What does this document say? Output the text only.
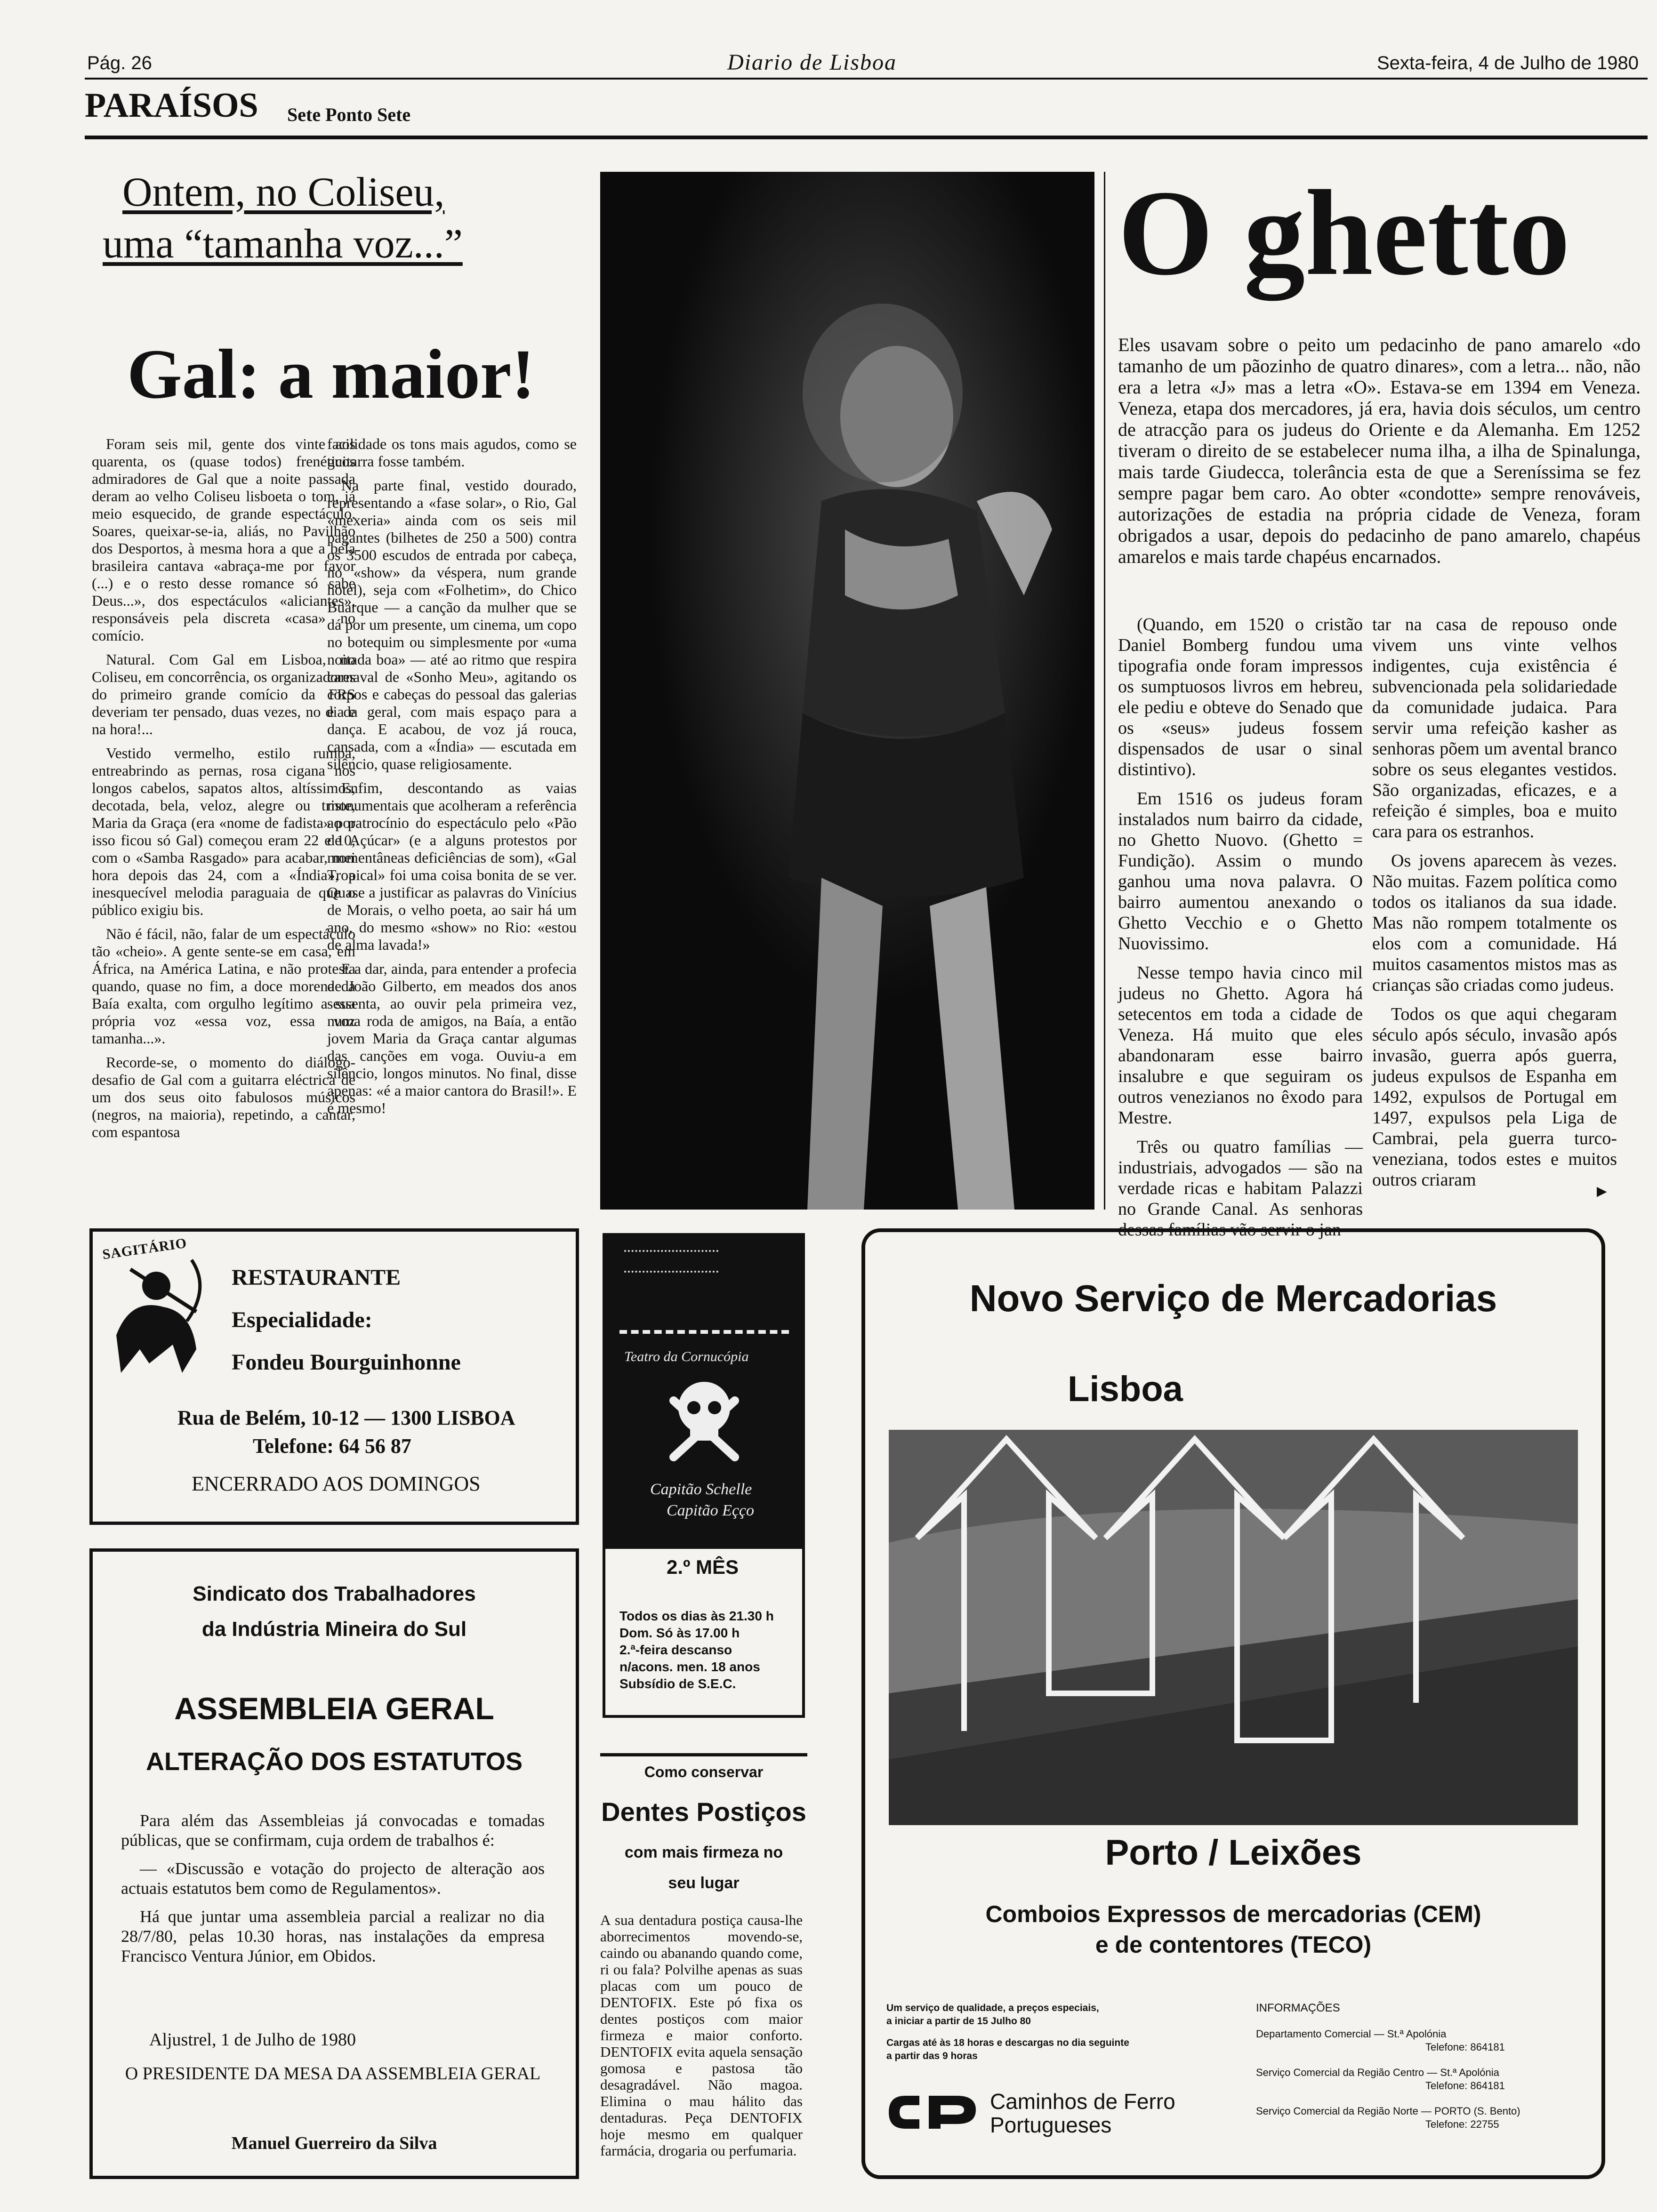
Pág. 26	Diario de Lisboa	Sexta-feira, 4 de Julho de 1980
PARAÍSOS Sete Ponto Sete
Ontem, no Coliseu,
uma “tamanha voz...”
Gal: a maior!

Foram seis mil, gente dos vinte aos quarenta, os (quase todos) frenéticos admiradores de Gal que a noite passada deram ao velho Coliseu lisboeta o tom, já meio esquecido, de grande espectáculo. Soares, queixar-se-ia, aliás, no Pavilhão dos Desportos, à mesma hora a que a bela brasileira cantava «abraça-me por favor (...) e o resto desse romance só sabe Deus...», dos espectáculos «aliciantes», responsáveis pela discreta «casa» no comício.

Natural. Com Gal em Lisboa, no Coliseu, em concorrência, os organizadores do primeiro grande comício da FRS deveriam ter pensado, duas vezes, no dia e na hora!...

Vestido vermelho, estilo rumba, entreabrindo as pernas, rosa cigana nos longos cabelos, sapatos altos, altíssimos, decotada, bela, veloz, alegre ou triste, Maria da Graça (era «nome de fadista» por isso ficou só Gal) começou eram 22 e 10, com o «Samba Rasgado» para acabar, mei hora depois das 24, com a «Índia», a inesquecível melodia paraguaia de que o público exigiu bis.

Não é fácil, não, falar de um espectáculo tão «cheio». A gente sente-se em casa, em África, na América Latina, e não protesta quando, quase no fim, a doce morena da Baía exalta, com orgulho legítimo a sua própria voz «essa voz, essa voz tamanha...».

Recorde-se, o momento do diálogo-desafio de Gal com a guitarra eléctrica de um dos seus oito fabulosos músicos (negros, na maioria), repetindo, a cantar, com espantosa

facilidade os tons mais agudos, como se guitarra fosse também.

Na parte final, vestido dourado, representando a «fase solar», o Rio, Gal «mexeria» ainda com os seis mil pagantes (bilhetes de 250 a 500) contra os 3500 escudos de entrada por cabeça, no «show» da véspera, num grande hotel), seja com «Folhetim», do Chico Buarque — a canção da mulher que se dá por um presente, um cinema, um copo no botequim ou simplesmente por «uma noitada boa» — até ao ritmo que respira carnaval de «Sonho Meu», agitando os corpos e cabeças do pessoal das galerias e da geral, com mais espaço para a dança. E acabou, de voz já rouca, cansada, com a «Índia» — escutada em silêncio, quase religiosamente.

Enfim, descontando as vaias monumentais que acolheram a referência ao patrocínio do espectáculo pelo «Pão de Açúcar» (e a alguns protestos por momentâneas deficiências de som), «Gal Tropical» foi uma coisa bonita de se ver. Quase a justificar as palavras do Vinícius de Morais, o velho poeta, ao sair há um ano, do mesmo «show» no Rio: «estou de alma lavada!»

E a dar, ainda, para entender a profecia de João Gilberto, em meados dos anos sessenta, ao ouvir pela primeira vez, numa roda de amigos, na Baía, a então jovem Maria da Graça cantar algumas das canções em voga. Ouviu-a em silêncio, longos minutos. No final, disse apenas: «é a maior cantora do Brasil!». E é mesmo!

O ghetto
Eles usavam sobre o peito um pedacinho de pano amarelo «do tamanho de um pãozinho de quatro dinares», com a letra... não, não era a letra «J» mas a letra «O». Estava-se em 1394 em Veneza. Veneza, etapa dos mercadores, já era, havia dois séculos, um centro de atracção para os judeus do Oriente e da Alemanha. Em 1252 tiveram o direito de se estabelecer numa ilha, a ilha de Spinalunga, mais tarde Giudecca, tolerância esta de que a Sereníssima se fez sempre pagar bem caro. Ao obter «condotte» sempre renováveis, autorizações de estadia na própria cidade de Veneza, foram obrigados a usar, depois do pedacinho de pano amarelo, chapéus amarelos e mais tarde chapéus encarnados.

(Quando, em 1520 o cristão Daniel Bomberg fundou uma tipografia onde foram impressos os sumptuosos livros em hebreu, ele pediu e obteve do Senado que os «seus» judeus fossem dispensados de usar o sinal distintivo).

Em 1516 os judeus foram instalados num bairro da cidade, no Ghetto Nuovo. (Ghetto = Fundição). Assim o mundo ganhou uma nova palavra. O bairro aumentou anexando o Ghetto Vecchio e o Ghetto Nuovissimo.

Nesse tempo havia cinco mil judeus no Ghetto. Agora há setecentos em toda a cidade de Veneza. Há muito que eles abandonaram esse bairro insalubre e que seguiram os outros venezianos no êxodo para Mestre.

Três ou quatro famílias — industriais, advogados — são na verdade ricas e habitam Palazzi no Grande Canal. As senhoras dessas famílias vão servir o jan-

tar na casa de repouso onde vivem uns vinte velhos indigentes, cuja existência é subvencionada pela solidariedade da comunidade judaica. Para servir uma refeição kasher as senhoras põem um avental branco sobre os seus elegantes vestidos. São organizadas, eficazes, e a refeição é simples, boa e muito cara para os estranhos.

Os jovens aparecem às vezes. Não muitas. Fazem política como todos os italianos da sua idade. Mas não rompem totalmente os elos com a comunidade. Há muitos casamentos mistos mas as crianças são criadas como judeus.

Todos os que aqui chegaram século após século, invasão após invasão, guerra após guerra, judeus expulsos de Espanha em 1492, expulsos de Portugal em 1497, expulsos pela Liga de Cambrai, pela guerra turco-veneziana, todos estes e muitos outros criaram

►
SAGITÁRIO
RESTAURANTE
Especialidade:
Fondeu Bourguinhonne
Rua de Belém, 10-12 — 1300 LISBOA
Telefone: 64 56 87
ENCERRADO AOS DOMINGOS
Teatro da Cornucópia
Capitão Schelle
Capitão Eçço
2.º MÊS
Todos os dias às 21.30 h
Dom. Só às 17.00 h
2.ª-feira descanso
n/acons. men. 18 anos
Subsídio de S.E.C.
Sindicato dos Trabalhadores
da Indústria Mineira do Sul
ASSEMBLEIA GERAL
ALTERAÇÃO DOS ESTATUTOS

Para além das Assembleias já convocadas e tomadas públicas, que se confirmam, cuja ordem de trabalhos é:

— «Discussão e votação do projecto de alteração aos actuais estatutos bem como de Regulamentos».

Há que juntar uma assembleia parcial a realizar no dia 28/7/80, pelas 10.30 horas, nas instalações da empresa Francisco Ventura Júnior, em Obidos.

Aljustrel, 1 de Julho de 1980
O PRESIDENTE DA MESA DA ASSEMBLEIA GERAL
Manuel Guerreiro da Silva
Como conservar
Dentes Postiços
com mais firmeza no
seu lugar
A sua dentadura postiça causa-lhe aborrecimentos movendo-se, caindo ou abanando quando come, ri ou fala? Polvilhe apenas as suas placas com um pouco de DENTOFIX. Este pó fixa os dentes postiços com maior firmeza e maior conforto. DENTOFIX evita aquela sensação gomosa e pastosa tão desagradável. Não magoa. Elimina o mau hálito das dentaduras. Peça DENTOFIX hoje mesmo em qualquer farmácia, drogaria ou perfumaria.
Novo Serviço de Mercadorias
Lisboa
Porto / Leixões
Comboios Expressos de mercadorias (CEM)
e de contentores (TECO)
Um serviço de qualidade, a preços especiais,
a iniciar a partir de 15 Julho 80
Cargas até às 18 horas e descargas no dia seguinte
a partir das 9 horas
Caminhos de Ferro
Portugueses
INFORMAÇÕES
Departamento Comercial — St.ª Apolónia
Telefone: 864181
Serviço Comercial da Região Centro — St.ª Apolónia
Telefone: 864181
Serviço Comercial da Região Norte — PORTO (S. Bento)
Telefone: 22755
